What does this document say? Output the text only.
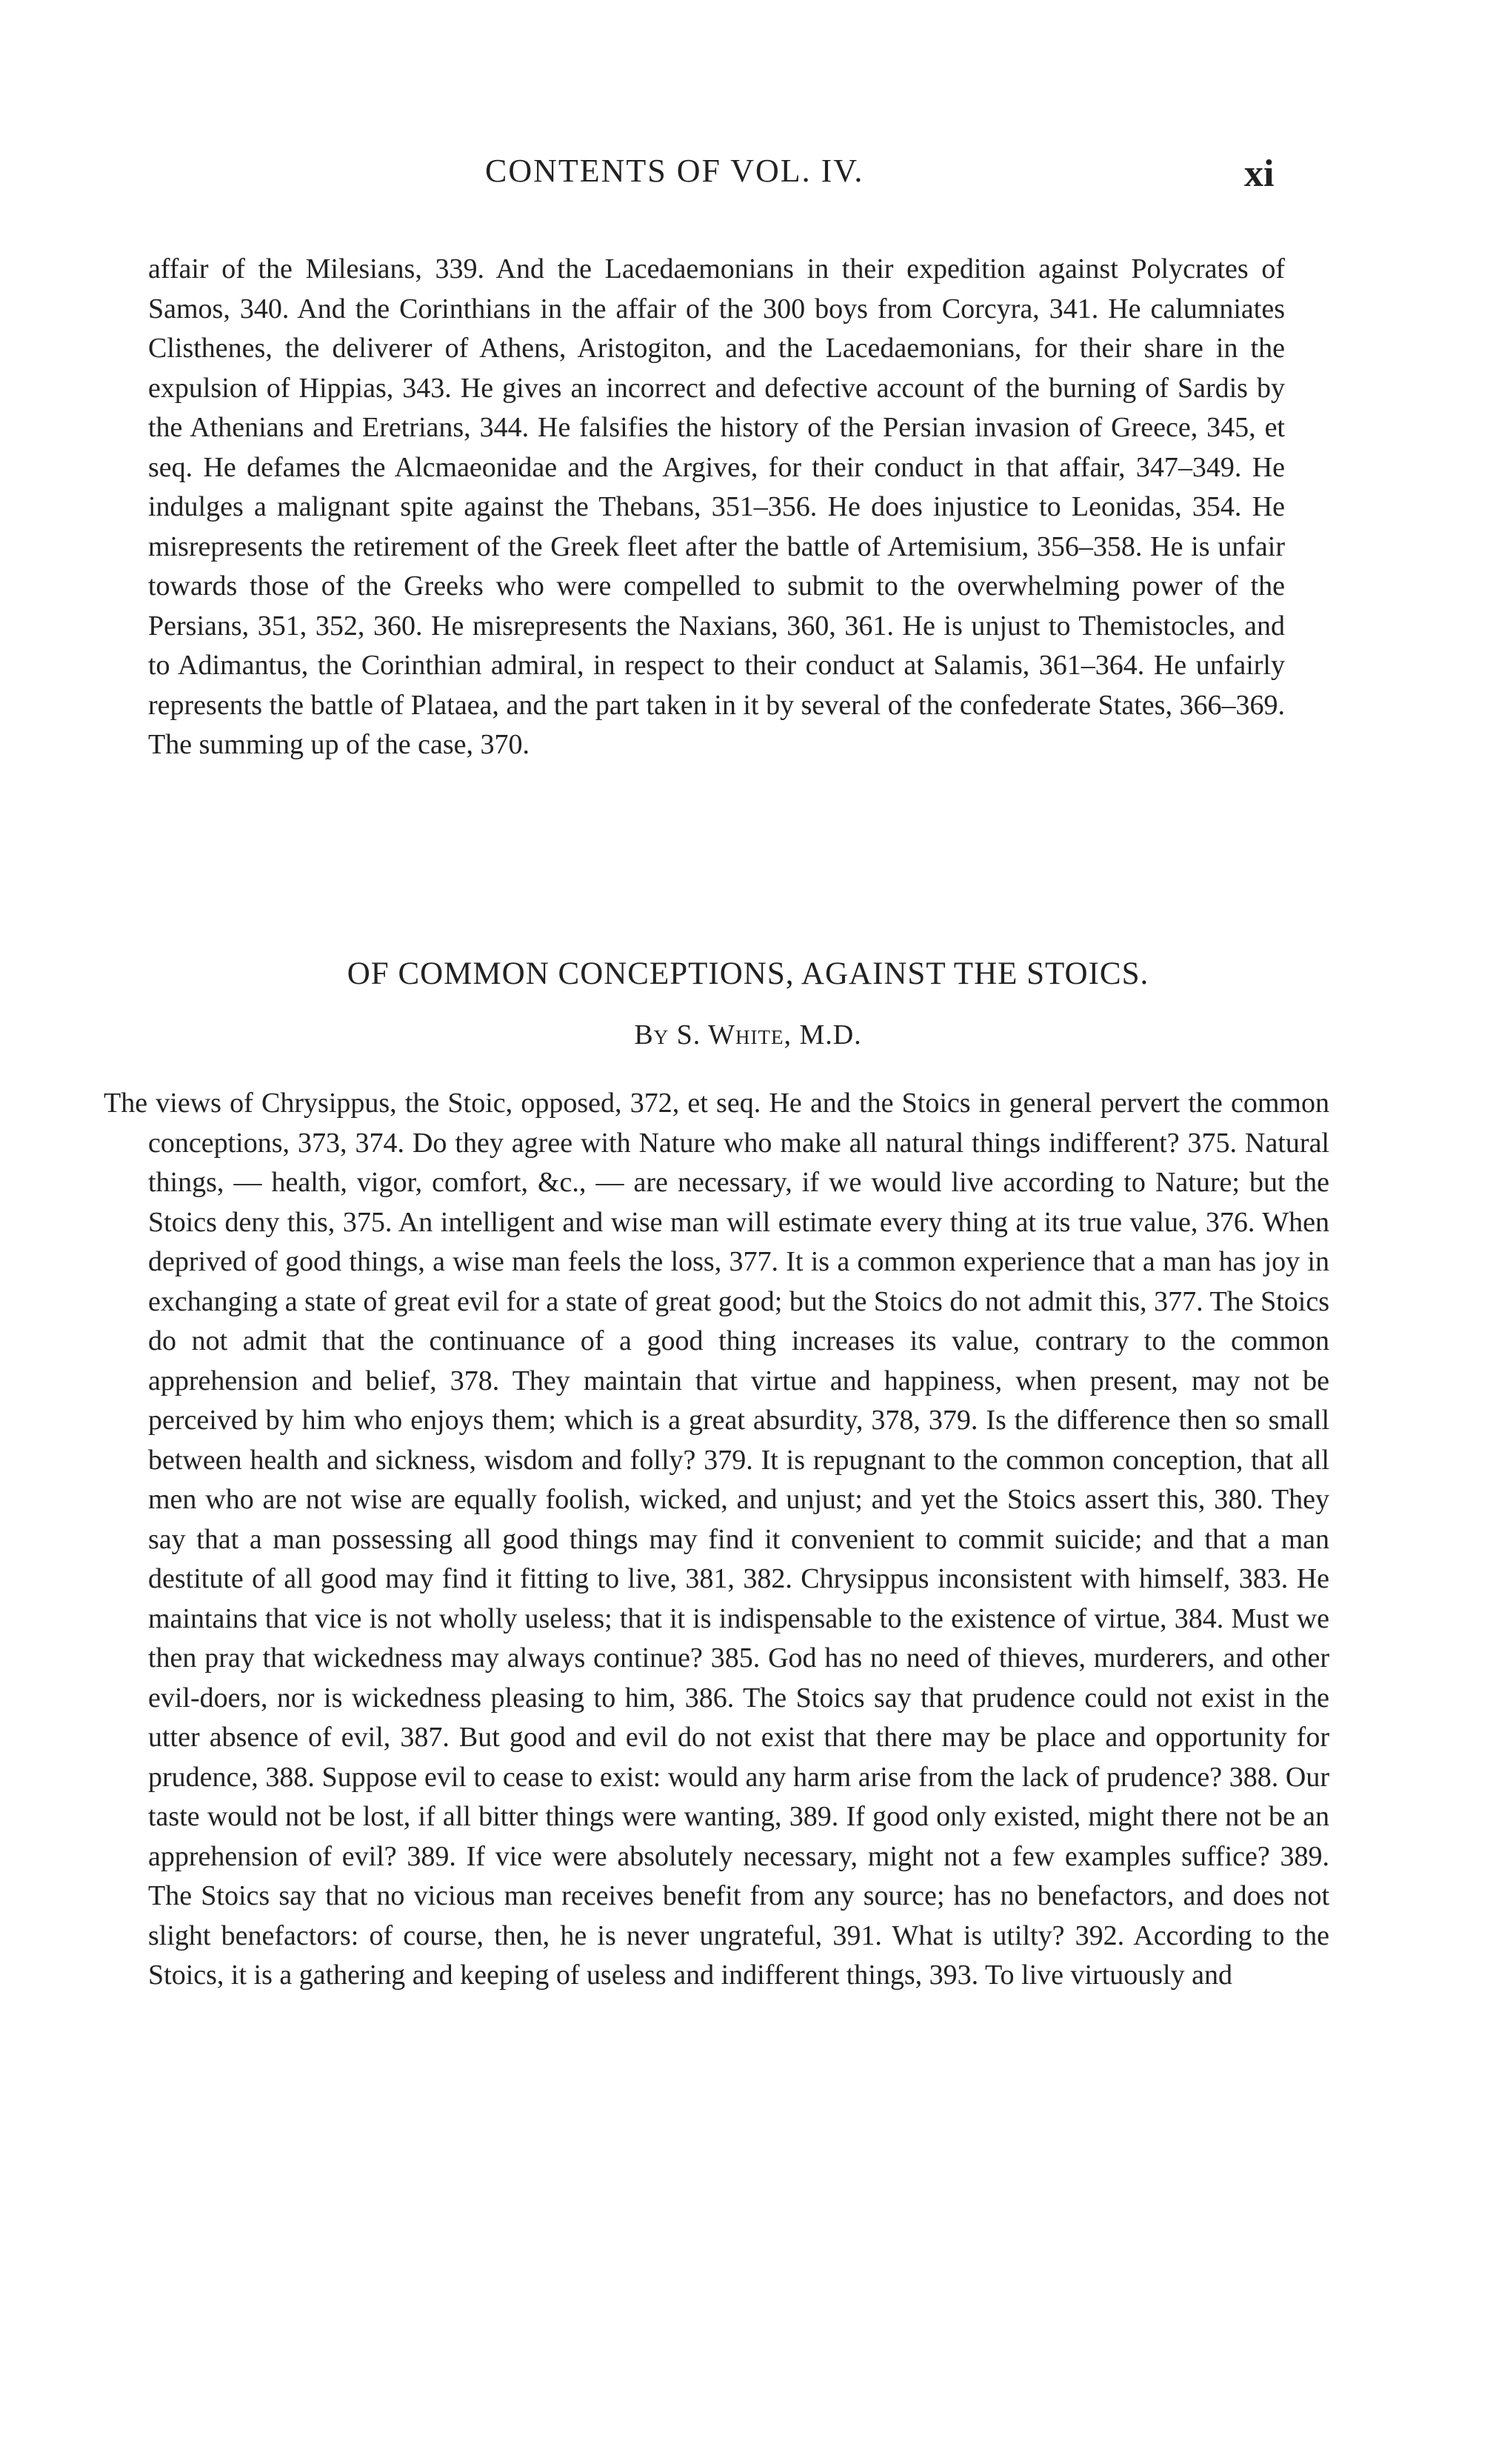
CONTENTS OF VOL. IV.	xi

affair of the Milesians, 339. And the Lacedaemonians in their expedition against Polycrates of Samos, 340. And the Corinthians in the affair of the 300 boys from Corcyra, 341. He calumniates Clisthenes, the deliverer of Athens, Aristogiton, and the Lacedaemonians, for their share in the expulsion of Hippias, 343. He gives an incorrect and defective account of the burning of Sardis by the Athenians and Eretrians, 344. He falsifies the history of the Persian invasion of Greece, 345, et seq. He defames the Alcmaeonidae and the Argives, for their conduct in that affair, 347–349. He indulges a malignant spite against the Thebans, 351–356. He does injustice to Leonidas, 354. He misrepresents the retirement of the Greek fleet after the battle of Artemisium, 356–358. He is unfair towards those of the Greeks who were compelled to submit to the overwhelming power of the Persians, 351, 352, 360. He misrepresents the Naxians, 360, 361. He is unjust to Themistocles, and to Adimantus, the Corinthian admiral, in respect to their conduct at Salamis, 361–364. He unfairly represents the battle of Plataea, and the part taken in it by several of the confederate States, 366–369. The summing up of the case, 370.

OF COMMON CONCEPTIONS, AGAINST THE STOICS.
By S. White, M.D.

The views of Chrysippus, the Stoic, opposed, 372, et seq. He and the Stoics in general pervert the common conceptions, 373, 374. Do they agree with Nature who make all natural things indifferent? 375. Natural things, — health, vigor, comfort, &c., — are necessary, if we would live according to Nature; but the Stoics deny this, 375. An intelligent and wise man will estimate every thing at its true value, 376. When deprived of good things, a wise man feels the loss, 377. It is a common experience that a man has joy in exchanging a state of great evil for a state of great good; but the Stoics do not admit this, 377. The Stoics do not admit that the continuance of a good thing increases its value, contrary to the common apprehension and belief, 378. They maintain that virtue and happiness, when present, may not be perceived by him who enjoys them; which is a great absurdity, 378, 379. Is the difference then so small between health and sickness, wisdom and folly? 379. It is repugnant to the common conception, that all men who are not wise are equally foolish, wicked, and unjust; and yet the Stoics assert this, 380. They say that a man possessing all good things may find it convenient to commit suicide; and that a man destitute of all good may find it fitting to live, 381, 382. Chrysippus inconsistent with himself, 383. He maintains that vice is not wholly useless; that it is indispensable to the existence of virtue, 384. Must we then pray that wickedness may always continue? 385. God has no need of thieves, murderers, and other evil-doers, nor is wickedness pleasing to him, 386. The Stoics say that prudence could not exist in the utter absence of evil, 387. But good and evil do not exist that there may be place and opportunity for prudence, 388. Suppose evil to cease to exist: would any harm arise from the lack of prudence? 388. Our taste would not be lost, if all bitter things were wanting, 389. If good only existed, might there not be an apprehension of evil? 389. If vice were absolutely necessary, might not a few examples suffice? 389. The Stoics say that no vicious man receives benefit from any source; has no benefactors, and does not slight benefactors: of course, then, he is never ungrateful, 391. What is utilty? 392. According to the Stoics, it is a gathering and keeping of useless and indifferent things, 393. To live virtuously and
